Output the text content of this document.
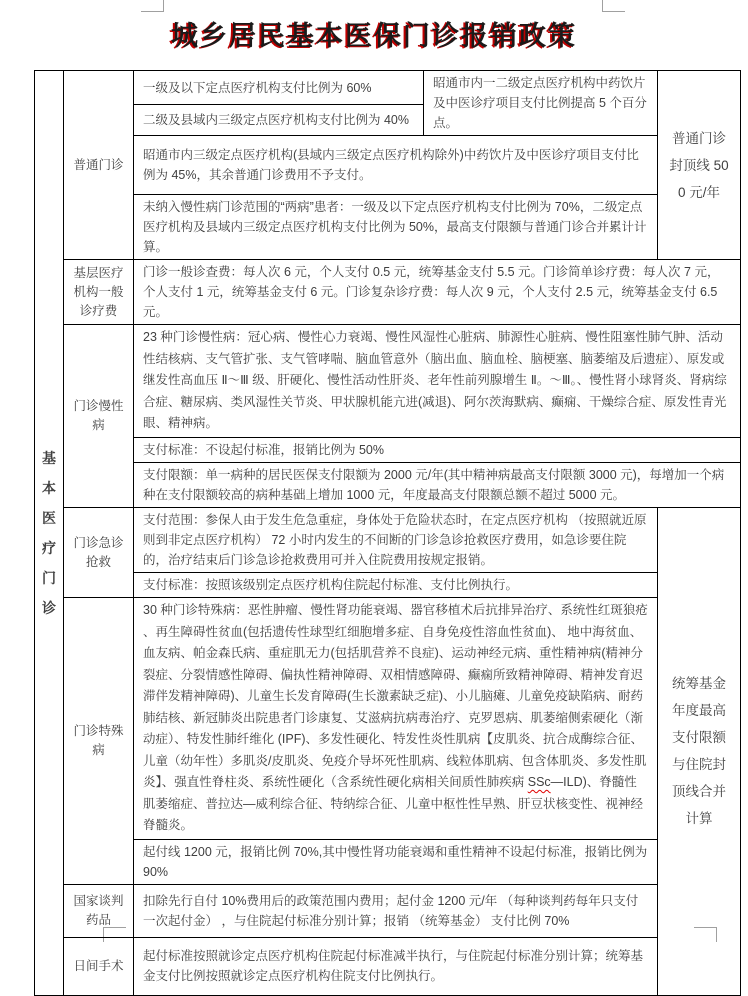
城乡居民基本医保门诊报销政策
基本医疗门诊	普通门诊	一级及以下定点医疗机构支付比例为 60%	昭通市内一二级定点医疗机构中药饮片及中医诊疗项目支付比例提高 5 个百分点。	普通门诊封顶线 500 元/年
		二级及县域内三级定点医疗机构支付比例为 40%		
		昭通市内三级定点医疗机构(县域内三级定点医疗机构除外)中药饮片及中医诊疗项目支付比例为 45%，其余普通门诊费用不予支付。		
		未纳入慢性病门诊范围的“两病”患者：一级及以下定点医疗机构支付比例为 70%，二级定点医疗机构及县域内三级定点医疗机构支付比例为 50%，最高支付限额与普通门诊合并累计计算。		
	基层医疗机构一般诊疗费	门诊一般诊查费：每人次 6 元，个人支付 0.5 元，统筹基金支付 5.5 元。门诊简单诊疗费：每人次 7 元，个人支付 1 元，统筹基金支付 6 元。门诊复杂诊疗费：每人次 9 元，个人支付 2.5 元，统筹基金支付 6.5 元。		
	门诊慢性病	23 种门诊慢性病：冠心病、慢性心力衰竭、慢性风湿性心脏病、肺源性心脏病、慢性阻塞性肺气肿、活动性结核病、支气管扩张、支气管哮喘、脑血管意外（脑出血、脑血栓、脑梗塞、脑萎缩及后遗症）、原发或继发性高血压 Ⅱ～Ⅲ 级、肝硬化、慢性活动性肝炎、老年性前列腺增生 Ⅱ。～Ⅲ。、慢性肾小球肾炎、肾病综合症、糖尿病、类风湿性关节炎、甲状腺机能亢进(减退)、阿尔茨海默病、癫痫、干燥综合症、原发性青光眼、精神病。		
		支付标准：不设起付标准，报销比例为 50%		
		支付限额：单一病种的居民医保支付限额为 2000 元/年(其中精神病最高支付限额 3000 元)，每增加一个病种在支付限额较高的病种基础上增加 1000 元，年度最高支付限额总额不超过 5000 元。		
	门诊急诊抢救	支付范围：参保人由于发生危急重症，身体处于危险状态时，在定点医疗机构 （按照就近原则到非定点医疗机构） 72 小时内发生的不间断的门诊急诊抢救医疗费用，如急诊要住院的，治疗结束后门诊急诊抢救费用可并入住院费用按规定报销。		统筹基金年度最高支付限额与住院封顶线合并计算
		支付标准：按照该级别定点医疗机构住院起付标准、支付比例执行。		
	门诊特殊病	30 种门诊特殊病：恶性肿瘤、慢性肾功能衰竭、器官移植术后抗排异治疗、系统性红斑狼疮 、再生障碍性贫血(包括遗传性球型红细胞增多症、自身免疫性溶血性贫血)、 地中海贫血、血友病、帕金森氏病、重症肌无力(包括肌营养不良症)、运动神经元病、重性精神病(精神分裂症、分裂情感性障碍、偏执性精神障碍、双相情感障碍、癫痫所致精神障碍、精神发育迟滞伴发精神障碍)、儿童生长发育障碍(生长激素缺乏症)、小儿脑瘫、儿童免疫缺陷病、耐药肺结核、新冠肺炎出院患者门诊康复、艾滋病抗病毒治疗、克罗恩病、肌萎缩侧索硬化（渐动症）、特发性肺纤维化 (IPF)、多发性硬化、特发性炎性肌病【皮肌炎、抗合成酶综合征、儿童（幼年性）多肌炎/皮肌炎、免疫介导坏死性肌病、线粒体肌病、包含体肌炎、多发性肌炎】、强直性脊柱炎、系统性硬化（含系统性硬化病相关间质性肺疾病 SSc—ILD)、脊髓性肌萎缩症、普拉达—威利综合征、特纳综合征、儿童中枢性性早熟、肝豆状核变性、视神经脊髓炎。		
		起付线 1200 元，报销比例 70%,其中慢性肾功能衰竭和重性精神不设起付标准，报销比例为 90%		
	国家谈判药品	扣除先行自付 10%费用后的政策范围内费用；起付金 1200 元/年 （每种谈判药每年只支付一次起付金） ，与住院起付标准分别计算；报销 （统筹基金） 支付比例 70%		
	日间手术	起付标准按照就诊定点医疗机构住院起付标准减半执行，与住院起付标准分别计算；统筹基金支付比例按照就诊定点医疗机构住院支付比例执行。		
